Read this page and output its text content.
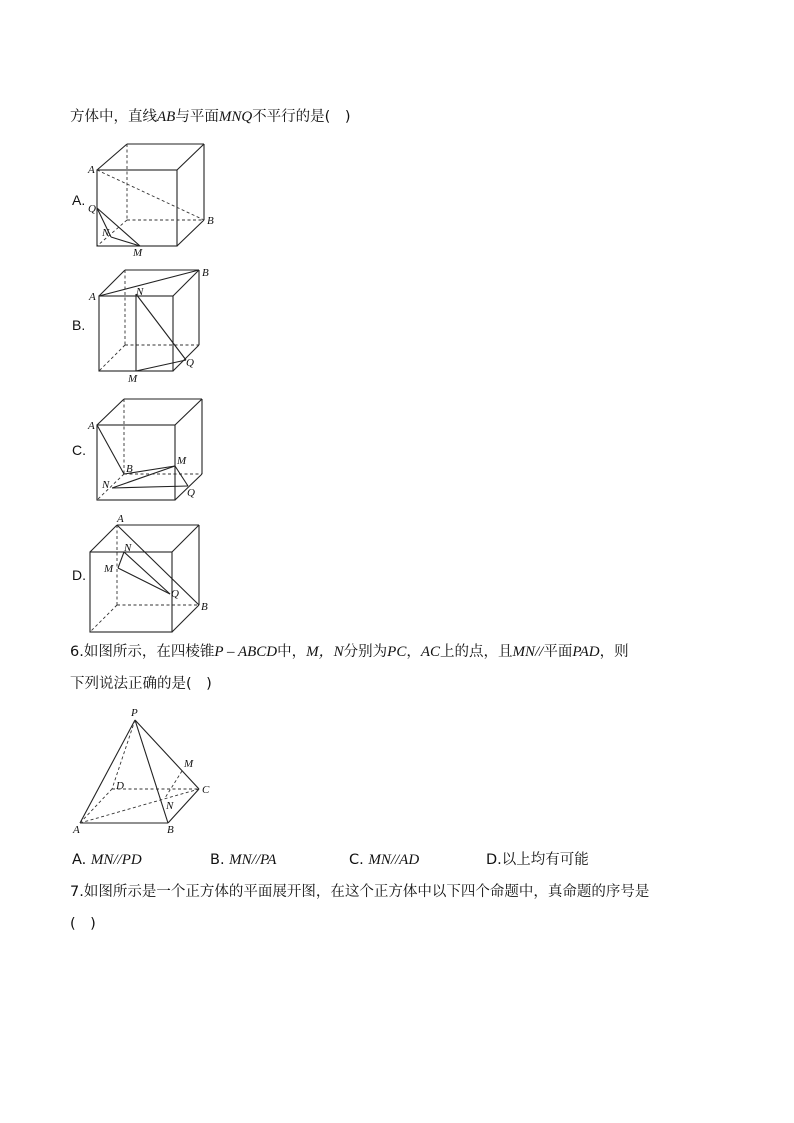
方体中，直线AB与平面MNQ不平行的是(　)
A.
B.
C.
D.
A
B
Q
N
M
A
B
N
Q
M
A
B
M
N
Q
A
N
M
Q
B
P
M
D	C
N
A	B
6.如图所示，在四棱锥P – ABCD中，M，N分别为PC，AC上的点，且MN//平面PAD，则
下列说法正确的是(　)
A. MN//PD	B. MN//PA	C. MN//AD	D.以上均有可能
7.如图所示是一个正方体的平面展开图，在这个正方体中以下四个命题中，真命题的序号是
(　)
